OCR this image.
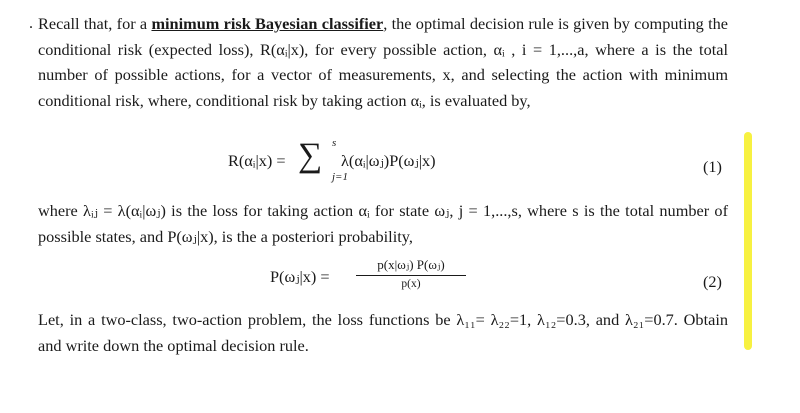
. Recall that, for a minimum risk Bayesian classifier, the optimal decision rule is given by computing the conditional risk (expected loss), R(αᵢ|x), for every possible action, αᵢ , i = 1,...,a, where a is the total number of possible actions, for a vector of measurements, x, and selecting the action with minimum conditional risk, where, conditional risk by taking action αᵢ, is evaluated by,

R(αᵢ|x) = ∑ s
j=1
λ(αᵢ|ωⱼ)P(ωⱼ|x)	(1)

where λᵢⱼ = λ(αᵢ|ωⱼ) is the loss for taking action αᵢ for state ωⱼ, j = 1,...,s, where s is the total number of possible states, and P(ωⱼ|x), is the a posteriori probability,

P(ωⱼ|x) = $\frac{\text{p(x|ωⱼ) P(ωⱼ)}}{p(x)}$	(2)

Let, in a two-class, two-action problem, the loss functions be λ₁₁= λ₂₂=1, λ₁₂=0.3, and λ₂₁=0.7. Obtain and write down the optimal decision rule.
